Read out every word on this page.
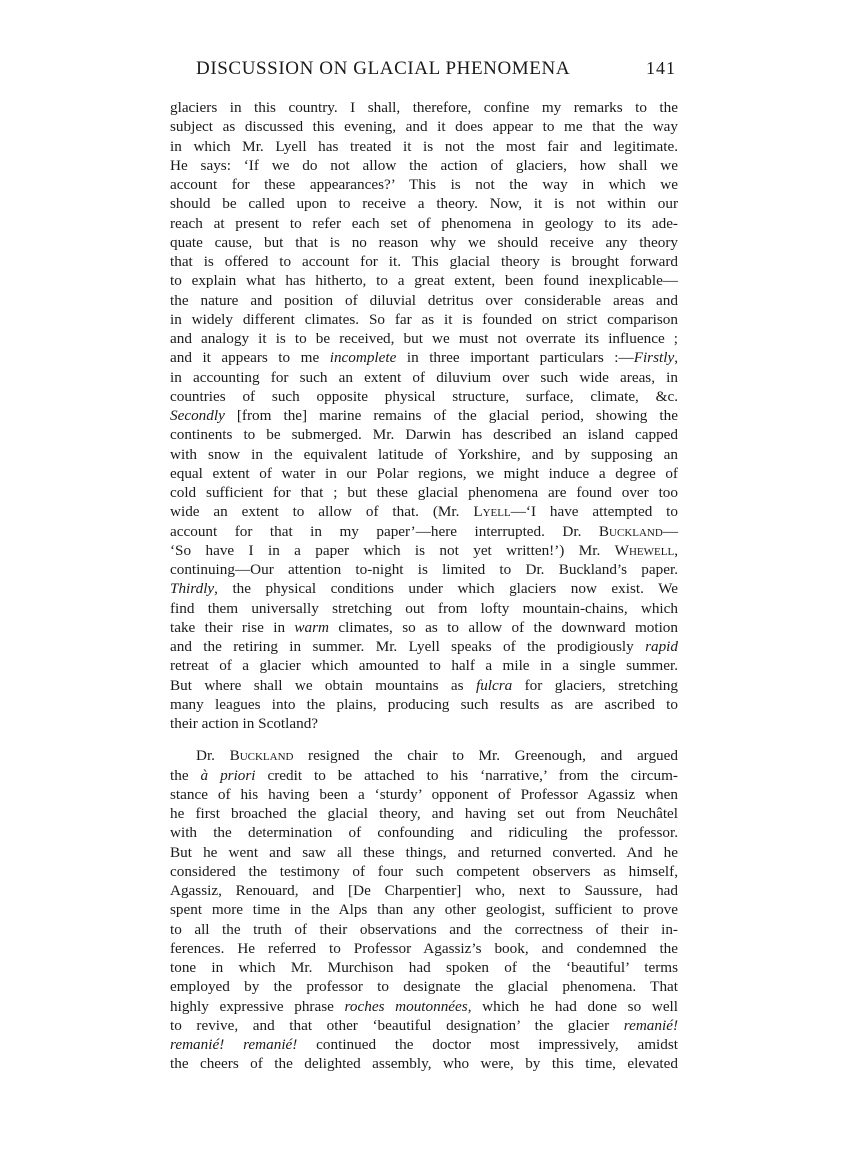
DISCUSSION ON GLACIAL PHENOMENA	141
glaciers in this country. I shall, therefore, confine my remarks to the
subject as discussed this evening, and it does appear to me that the way
in which Mr. Lyell has treated it is not the most fair and legitimate.
He says: ‘If we do not allow the action of glaciers, how shall we
account for these appearances?’ This is not the way in which we
should be called upon to receive a theory. Now, it is not within our
reach at present to refer each set of phenomena in geology to its ade-
quate cause, but that is no reason why we should receive any theory
that is offered to account for it. This glacial theory is brought forward
to explain what has hitherto, to a great extent, been found inexplicable—
the nature and position of diluvial detritus over considerable areas and
in widely different climates. So far as it is founded on strict comparison
and analogy it is to be received, but we must not overrate its influence ;
and it appears to me incomplete in three important particulars :—Firstly,
in accounting for such an extent of diluvium over such wide areas, in
countries of such opposite physical structure, surface, climate, &c.
Secondly [from the] marine remains of the glacial period, showing the
continents to be submerged. Mr. Darwin has described an island capped
with snow in the equivalent latitude of Yorkshire, and by supposing an
equal extent of water in our Polar regions, we might induce a degree of
cold sufficient for that ; but these glacial phenomena are found over too
wide an extent to allow of that. (Mr. Lyell—‘I have attempted to
account for that in my paper’—here interrupted. Dr. Buckland—
‘So have I in a paper which is not yet written!’) Mr. Whewell,
continuing—Our attention to-night is limited to Dr. Buckland’s paper.
Thirdly, the physical conditions under which glaciers now exist. We
find them universally stretching out from lofty mountain-chains, which
take their rise in warm climates, so as to allow of the downward motion
and the retiring in summer. Mr. Lyell speaks of the prodigiously rapid
retreat of a glacier which amounted to half a mile in a single summer.
But where shall we obtain mountains as fulcra for glaciers, stretching
many leagues into the plains, producing such results as are ascribed to
their action in Scotland?
Dr. Buckland resigned the chair to Mr. Greenough, and argued
the à priori credit to be attached to his ‘narrative,’ from the circum-
stance of his having been a ‘sturdy’ opponent of Professor Agassiz when
he first broached the glacial theory, and having set out from Neuchâtel
with the determination of confounding and ridiculing the professor.
But he went and saw all these things, and returned converted. And he
considered the testimony of four such competent observers as himself,
Agassiz, Renouard, and [De Charpentier] who, next to Saussure, had
spent more time in the Alps than any other geologist, sufficient to prove
to all the truth of their observations and the correctness of their in-
ferences. He referred to Professor Agassiz’s book, and condemned the
tone in which Mr. Murchison had spoken of the ‘beautiful’ terms
employed by the professor to designate the glacial phenomena. That
highly expressive phrase roches moutonnées, which he had done so well
to revive, and that other ‘beautiful designation’ the glacier remanié!
remanié! remanié! continued the doctor most impressively, amidst
the cheers of the delighted assembly, who were, by this time, elevated
